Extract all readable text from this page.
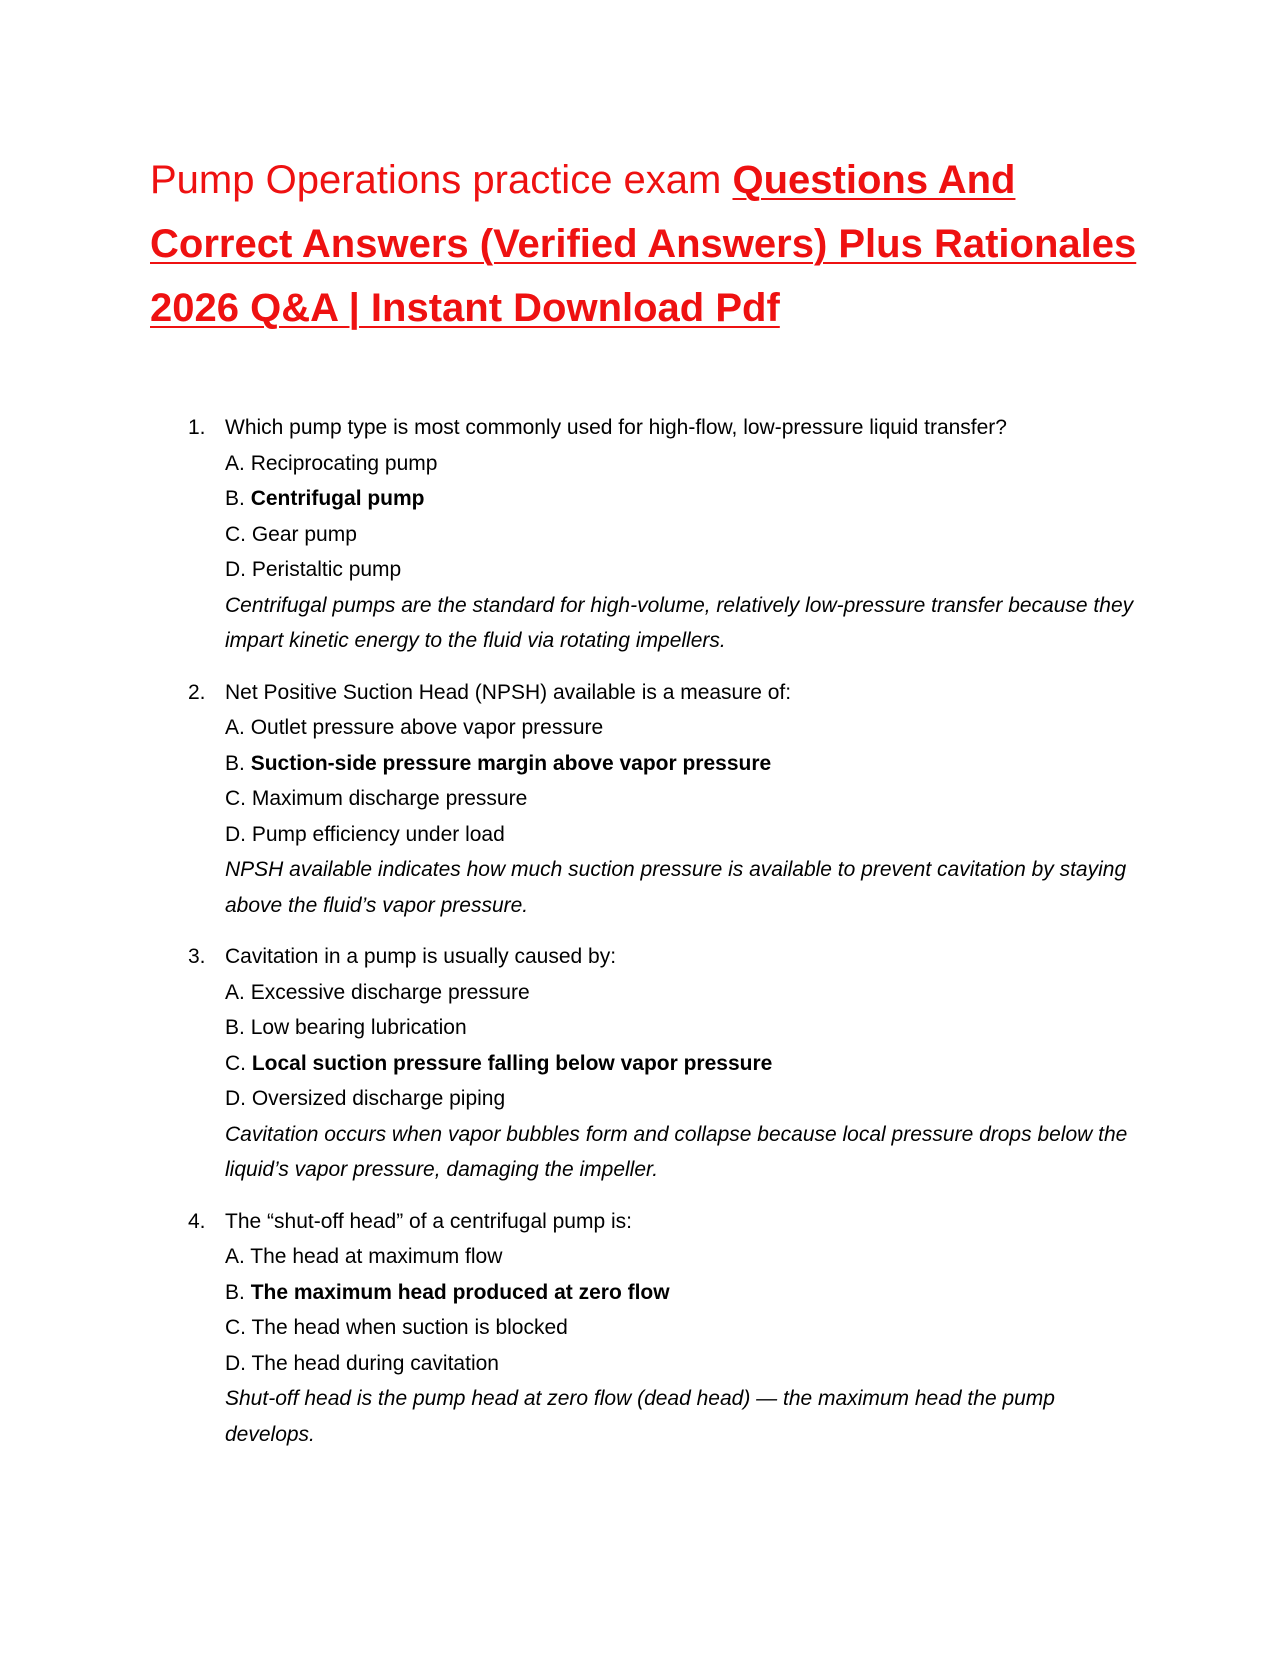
Pump Operations practice exam Questions And Correct Answers (Verified Answers) Plus Rationales 2026 Q&A | Instant Download Pdf
1. Which pump type is most commonly used for high-flow, low-pressure liquid transfer?
A. Reciprocating pump
B. Centrifugal pump
C. Gear pump
D. Peristaltic pump
Centrifugal pumps are the standard for high-volume, relatively low-pressure transfer because they impart kinetic energy to the fluid via rotating impellers.
2. Net Positive Suction Head (NPSH) available is a measure of:
A. Outlet pressure above vapor pressure
B. Suction-side pressure margin above vapor pressure
C. Maximum discharge pressure
D. Pump efficiency under load
NPSH available indicates how much suction pressure is available to prevent cavitation by staying above the fluid’s vapor pressure.
3. Cavitation in a pump is usually caused by:
A. Excessive discharge pressure
B. Low bearing lubrication
C. Local suction pressure falling below vapor pressure
D. Oversized discharge piping
Cavitation occurs when vapor bubbles form and collapse because local pressure drops below the liquid’s vapor pressure, damaging the impeller.
4. The “shut-off head” of a centrifugal pump is:
A. The head at maximum flow
B. The maximum head produced at zero flow
C. The head when suction is blocked
D. The head during cavitation
Shut-off head is the pump head at zero flow (dead head) — the maximum head the pump develops.
